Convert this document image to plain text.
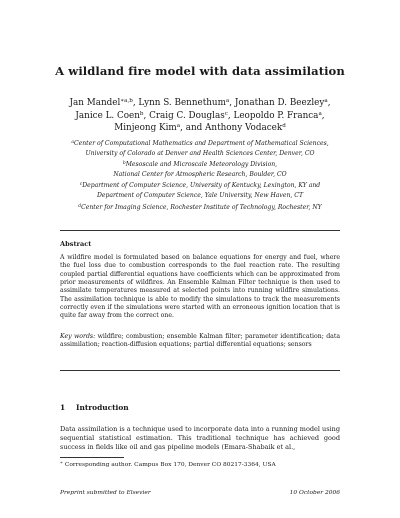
A wildland fire model with data assimilation
Jan Mandel$^{∗a,b}$, Lynn S. Bennethum$^a$, Jonathan D. Beezley$^a$,
Janice L. Coen$^b$, Craig C. Douglas$^c$, Leopoldo P. Franca$^a$,
Minjeong Kim$^a$, and Anthony Vodacek$^d$
$^a$Center of Computational Mathematics and Department of Mathematical Sciences,
University of Colorado at Denver and Health Sciences Center, Denver, CO
$^b$Mesoscale and Microscale Meteorology Division,
National Center for Atmospheric Research, Boulder, CO
$^c$Department of Computer Science, University of Kentucky, Lexington, KY and
Department of Computer Science, Yale University, New Haven, CT
$^d$Center for Imaging Science, Rochester Institute of Technology, Rochester, NY
Abstract
A wildfire model is formulated based on balance equations for energy and fuel, where the fuel loss due to combustion corresponds to the fuel reaction rate. The resulting coupled partial differential equations have coefficients which can be approximated from prior measurements of wildfires. An Ensemble Kalman Filter technique is then used to assimilate temperatures measured at selected points into running wildfire simulations. The assimilation technique is able to modify the simulations to track the measurements correctly even if the simulations were started with an erroneous ignition location that is quite far away from the correct one.
Key words: wildfire; combustion; ensemble Kalman filter; parameter identification; data assimilation; reaction-diffusion equations; partial differential equations; sensors
1 Introduction
Data assimilation is a technique used to incorporate data into a running model using sequential statistical estimation. This traditional technique has achieved good success in fields like oil and gas pipeline models (Emara-Shabaik et al.,
∗ Corresponding author. Campus Box 170, Denver CO 80217-3364, USA
Preprint submitted to Elsevier	10 October 2006
